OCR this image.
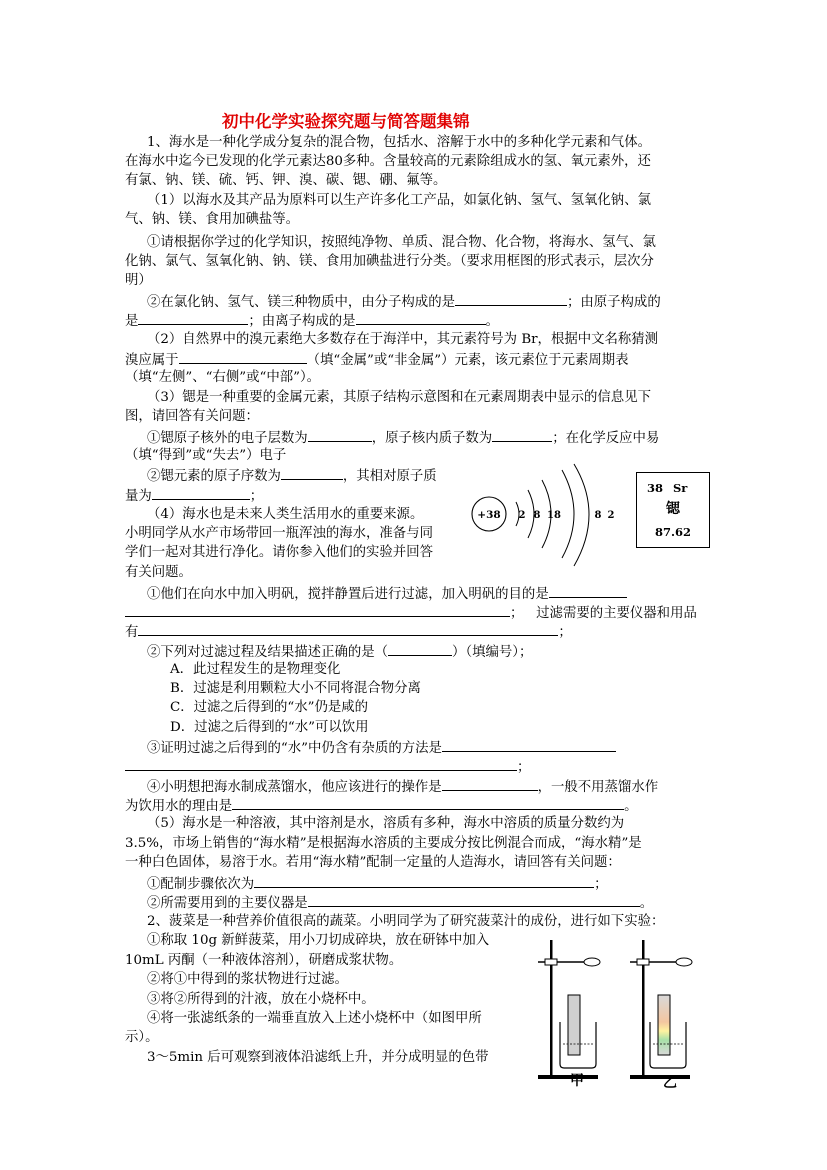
初中化学实验探究题与简答题集锦
1、海水是一种化学成分复杂的混合物，包括水、溶解于水中的多种化学元素和气体。
在海水中迄今已发现的化学元素达80多种。含量较高的元素除组成水的氢、氧元素外，还
有氯、钠、镁、硫、钙、钾、溴、碳、锶、硼、氟等。
（1）以海水及其产品为原料可以生产许多化工产品，如氯化钠、氢气、氢氧化钠、氯
气、钠、镁、食用加碘盐等。
①请根据你学过的化学知识，按照纯净物、单质、混合物、化合物，将海水、氢气、氯
化钠、氯气、氢氧化钠、钠、镁、食用加碘盐进行分类。（要求用框图的形式表示，层次分
明）
②在氯化钠、氢气、镁三种物质中，由分子构成的是	；由原子构成的
是	；由离子构成的是	。
（2）自然界中的溴元素绝大多数存在于海洋中，其元素符号为 Br，根据中文名称猜测
溴应属于	（填“金属”或“非金属”）元素，该元素位于元素周期表
（填“左侧”、“右侧”或“中部”）。
（3）锶是一种重要的金属元素，其原子结构示意图和在元素周期表中显示的信息见下
图，请回答有关问题：
①锶原子核外的电子层数为	，原子核内质子数为	；在化学反应中易
（填“得到”或“失去”）电子
②锶元素的原子序数为	，其相对原子质
量为	；
+38 2 8 18	8 2
38 Sr
锶
87.62
（4）海水也是未来人类生活用水的重要来源。
小明同学从水产市场带回一瓶浑浊的海水，准备与同
学们一起对其进行净化。请你参入他们的实验并回答
有关问题。
①他们在向水中加入明矾，搅拌静置后进行过滤，加入明矾的目的是
； 过滤需要的主要仪器和用品
有	；
②下列对过滤过程及结果描述正确的是（	）（填编号）；
A．此过程发生的是物理变化
B．过滤是利用颗粒大小不同将混合物分离
C．过滤之后得到的“水”仍是咸的
D．过滤之后得到的“水”可以饮用
③证明过滤之后得到的“水”中仍含有杂质的方法是
；
④小明想把海水制成蒸馏水，他应该进行的操作是	，一般不用蒸馏水作
为饮用水的理由是	。
（5）海水是一种溶液，其中溶剂是水，溶质有多种，海水中溶质的质量分数约为
3.5%，市场上销售的“海水精”是根据海水溶质的主要成分按比例混合而成，“海水精”是
一种白色固体，易溶于水。若用“海水精”配制一定量的人造海水，请回答有关问题：
①配制步骤依次为	；
②所需要用到的主要仪器是	。
2、菠菜是一种营养价值很高的蔬菜。小明同学为了研究菠菜汁的成份，进行如下实验：
①称取 10g 新鲜菠菜，用小刀切成碎块，放在研钵中加入
10mL 丙酮（一种液体溶剂），研磨成浆状物。
②将①中得到的浆状物进行过滤。
③将②所得到的汁液，放在小烧杯中。
④将一张滤纸条的一端垂直放入上述小烧杯中（如图甲所
示）。
3～5min 后可观察到液体沿滤纸上升，并分成明显的色带
甲	乙
